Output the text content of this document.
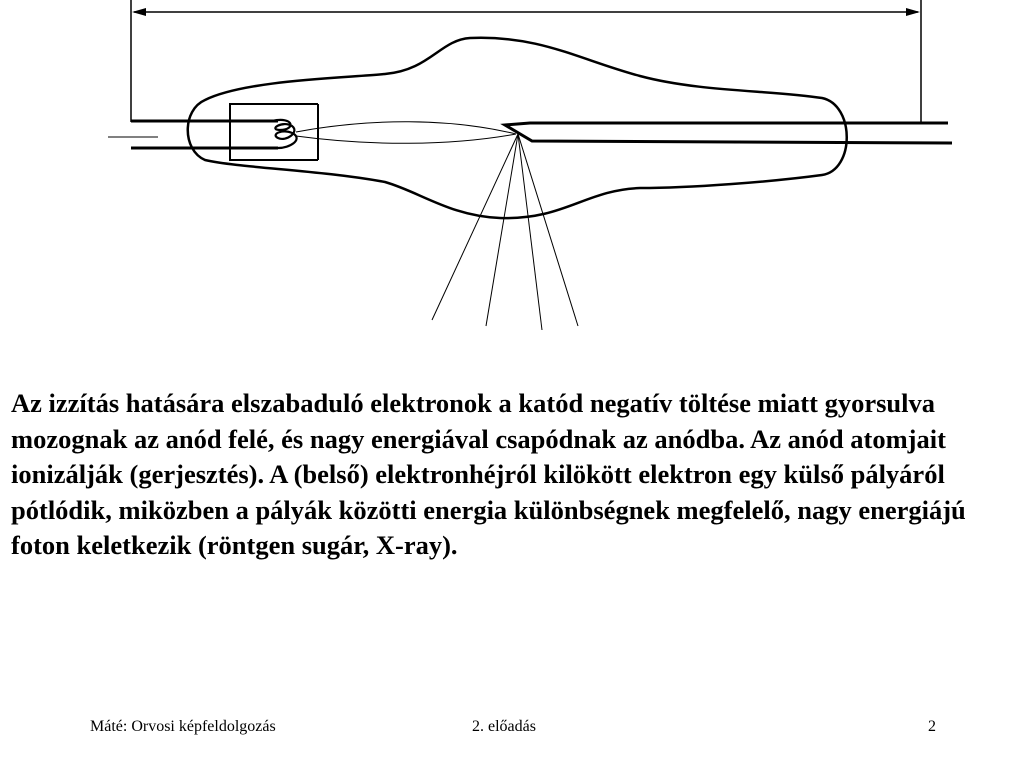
Az izzítás hatására elszabaduló elektronok a katód negatív töltése miatt gyorsulva mozognak az anód felé, és nagy energiával csapódnak az anódba. Az anód atomjait ionizálják (gerjesztés). A (belső) elektronhéjról kilökött elektron egy külső pályáról pótlódik, miközben a pályák közötti energia különbségnek megfelelő, nagy energiájú foton keletkezik (röntgen sugár, X-ray).

Máté: Orvosi képfeldolgozás	2. előadás	2
